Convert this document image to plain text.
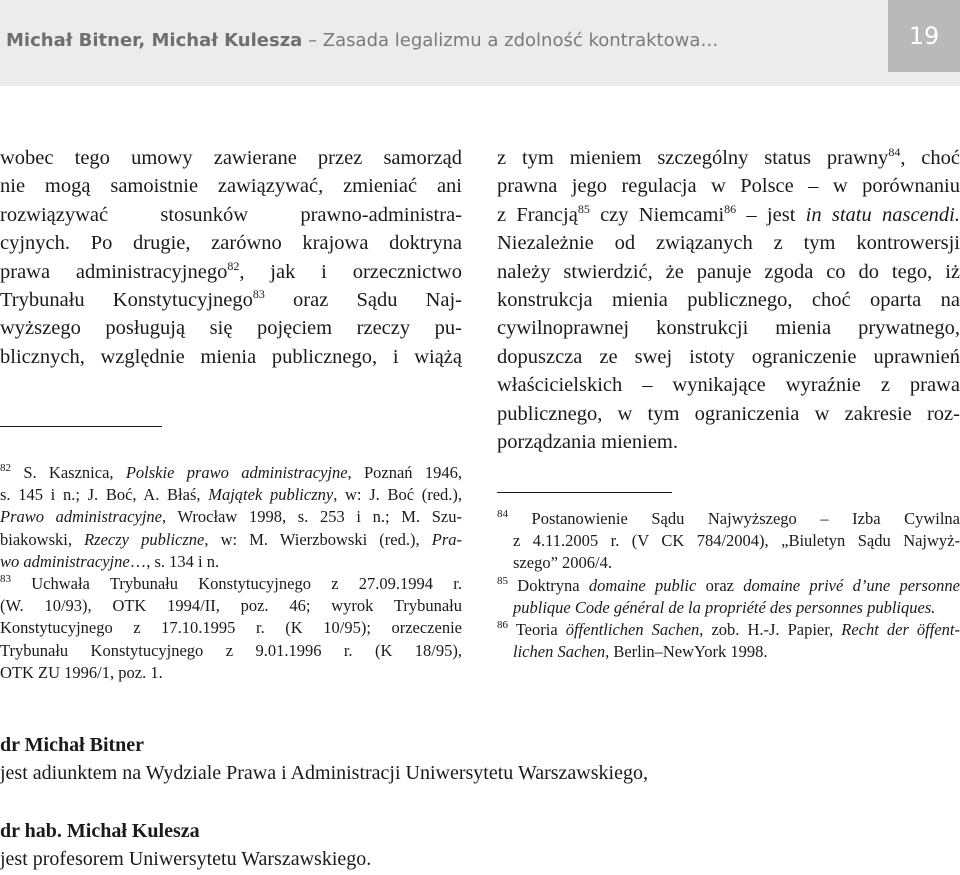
Michał Bitner, Michał Kulesza – Zasada legalizmu a zdolność kontraktowa…	19
wobec tego umowy zawierane przez samorząd
nie mogą samoistnie zawiązywać, zmieniać ani
rozwiązywać stosunków prawno-administra-
cyjnych. Po drugie, zarówno krajowa doktryna
prawa administracyjnego$^{82}$, jak i orzecznictwo
Trybunału Konstytucyjnego$^{83}$ oraz Sądu Naj-
wyższego posługują się pojęciem rzeczy pu-
blicznych, względnie mienia publicznego, i wiążą
z tym mieniem szczególny status prawny$^{84}$, choć
prawna jego regulacja w Polsce – w porównaniu
z Francją$^{85}$ czy Niemcami$^{86}$ – jest in statu nascendi.
Niezależnie od związanych z tym kontrowersji
należy stwierdzić, że panuje zgoda co do tego, iż
konstrukcja mienia publicznego, choć oparta na
cywilnoprawnej konstrukcji mienia prywatnego,
dopuszcza ze swej istoty ograniczenie uprawnień
właścicielskich – wynikające wyraźnie z prawa
publicznego, w tym ograniczenia w zakresie roz-
porządzania mieniem.
$^{82}$ S. Kasznica, Polskie prawo administracyjne, Poznań 1946,
s. 145 i n.; J. Boć, A. Błaś, Majątek publiczny, w: J. Boć (red.),
Prawo administracyjne, Wrocław 1998, s. 253 i n.; M. Szu-
biakowski, Rzeczy publiczne, w: M. Wierzbowski (red.), Pra-
wo administracyjne…, s. 134 i n.
$^{83}$ Uchwała Trybunału Konstytucyjnego z 27.09.1994 r.
(W. 10/93), OTK 1994/II, poz. 46; wyrok Trybunału
Konstytucyjnego z 17.10.1995 r. (K 10/95); orzeczenie
Trybunału Konstytucyjnego z 9.01.1996 r. (K 18/95),
OTK ZU 1996/1, poz. 1.
$^{84}$ Postanowienie Sądu Najwyższego – Izba Cywilna
z 4.11.2005 r. (V CK 784/2004), „Biuletyn Sądu Najwyż-
szego” 2006/4.
$^{85}$ Doktryna domaine public oraz domaine privé d’une personne
publique Code général de la propriété des personnes publiques.
$^{86}$ Teoria öffentlichen Sachen, zob. H.-J. Papier, Recht der öffent-
lichen Sachen, Berlin–NewYork 1998.
dr Michał Bitner
jest adiunktem na Wydziale Prawa i Administracji Uniwersytetu Warszawskiego,
dr hab. Michał Kulesza
jest profesorem Uniwersytetu Warszawskiego.
